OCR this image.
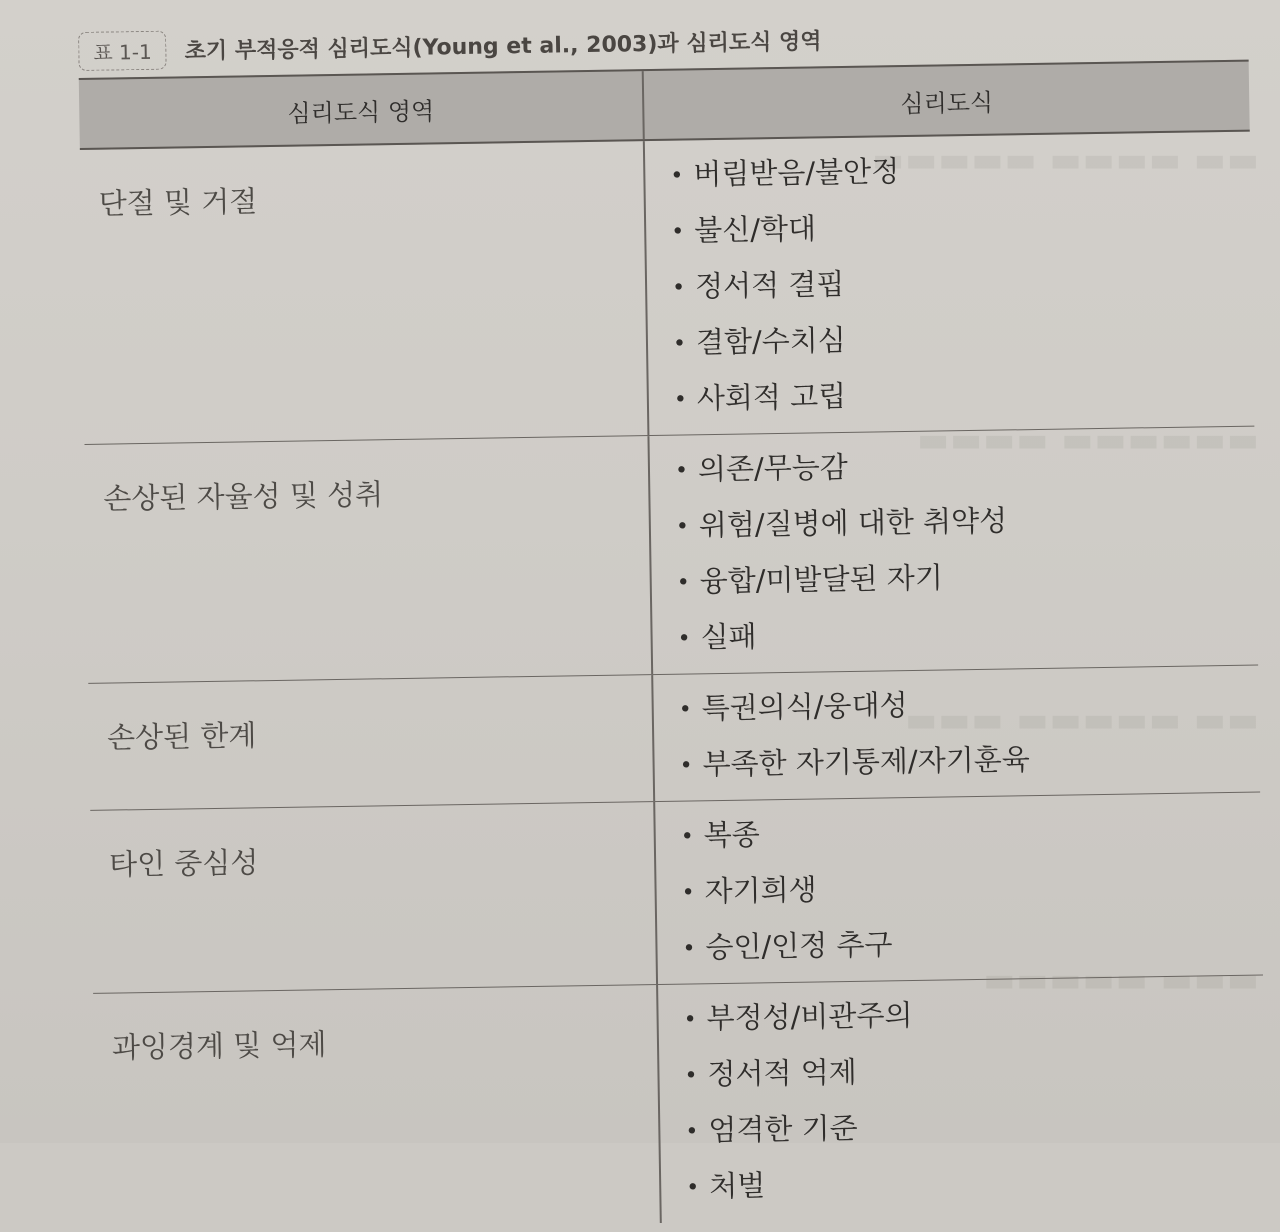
▬▬▬▬▬ ▬▬▬▬ ▬▬
▬▬▬▬ ▬▬▬▬▬▬
▬▬▬ ▬▬▬▬▬ ▬▬
▬▬▬▬▬ ▬▬▬
표 1-1	초기 부적응적 심리도식(Young et al., 2003)과 심리도식 영역
심리도식 영역	심리도식
단절 및 거절
• 버림받음/불안정
• 불신/학대
• 정서적 결핍
• 결함/수치심
• 사회적 고립
손상된 자율성 및 성취
• 의존/무능감
• 위험/질병에 대한 취약성
• 융합/미발달된 자기
• 실패
손상된 한계
• 특권의식/웅대성
• 부족한 자기통제/자기훈육
타인 중심성
• 복종
• 자기희생
• 승인/인정 추구
과잉경계 및 억제
• 부정성/비관주의
• 정서적 억제
• 엄격한 기준
• 처벌
